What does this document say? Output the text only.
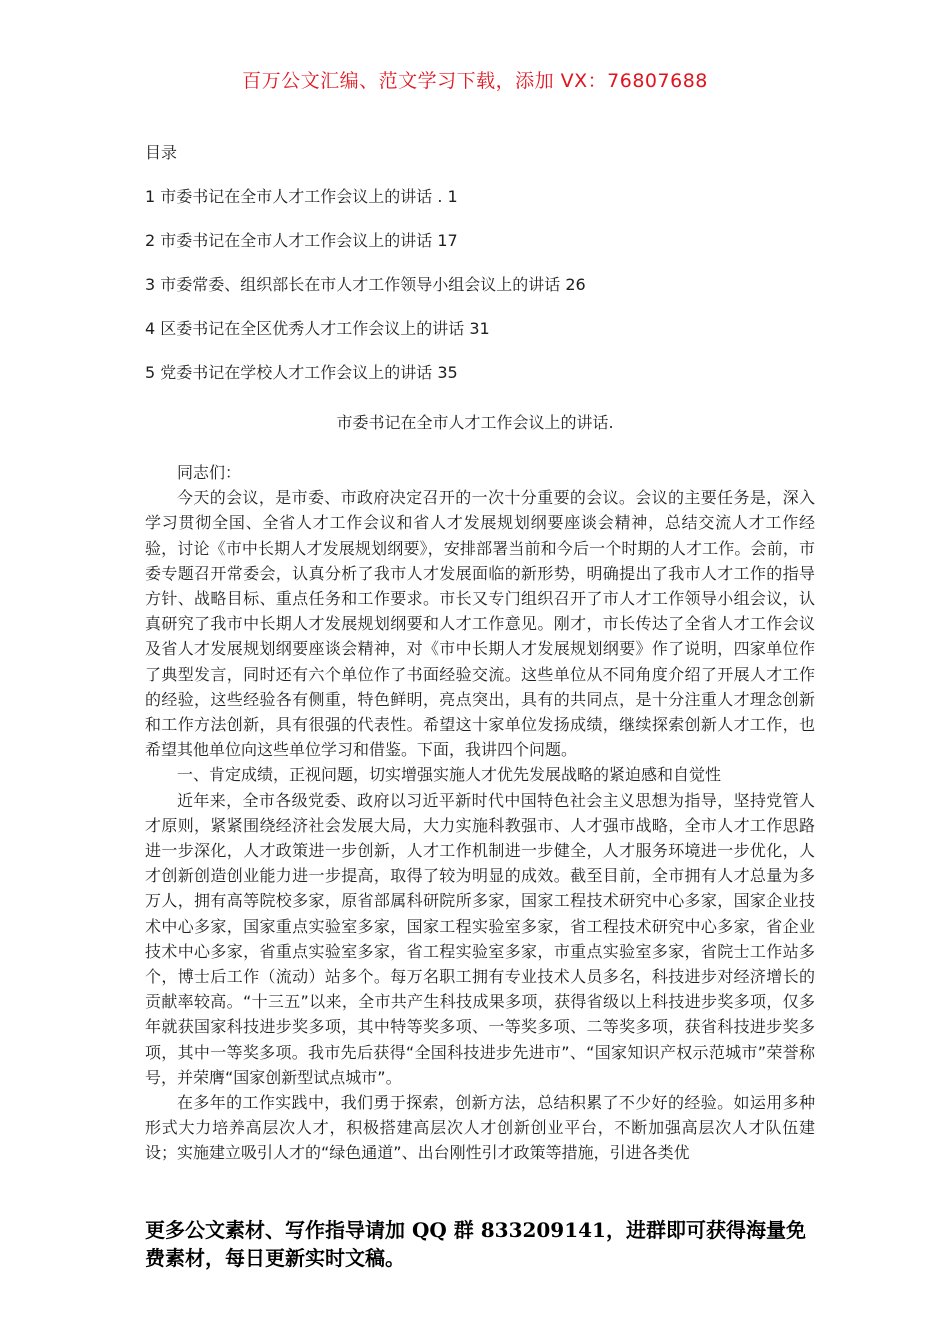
百万公文汇编、范文学习下载，添加 VX：76807688
目录
1 市委书记在全市人才工作会议上的讲话 . 1
2 市委书记在全市人才工作会议上的讲话 17
3 市委常委、组织部长在市人才工作领导小组会议上的讲话 26
4 区委书记在全区优秀人才工作会议上的讲话 31
5 党委书记在学校人才工作会议上的讲话 35
市委书记在全市人才工作会议上的讲话.

同志们：

今天的会议，是市委、市政府决定召开的一次十分重要的会议。会议的主要任务是，深入学习贯彻全国、全省人才工作会议和省人才发展规划纲要座谈会精神，总结交流人才工作经验，讨论《市中长期人才发展规划纲要》，安排部署当前和今后一个时期的人才工作。会前，市委专题召开常委会，认真分析了我市人才发展面临的新形势，明确提出了我市人才工作的指导方针、战略目标、重点任务和工作要求。市长又专门组织召开了市人才工作领导小组会议，认真研究了我市中长期人才发展规划纲要和人才工作意见。刚才，市长传达了全省人才工作会议及省人才发展规划纲要座谈会精神，对《市中长期人才发展规划纲要》作了说明，四家单位作了典型发言，同时还有六个单位作了书面经验交流。这些单位从不同角度介绍了开展人才工作的经验，这些经验各有侧重，特色鲜明，亮点突出，具有的共同点，是十分注重人才理念创新和工作方法创新，具有很强的代表性。希望这十家单位发扬成绩，继续探索创新人才工作，也希望其他单位向这些单位学习和借鉴。下面，我讲四个问题。

一、肯定成绩，正视问题，切实增强实施人才优先发展战略的紧迫感和自觉性

近年来，全市各级党委、政府以习近平新时代中国特色社会主义思想为指导，坚持党管人才原则，紧紧围绕经济社会发展大局，大力实施科教强市、人才强市战略，全市人才工作思路进一步深化，人才政策进一步创新，人才工作机制进一步健全，人才服务环境进一步优化，人才创新创造创业能力进一步提高，取得了较为明显的成效。截至目前，全市拥有人才总量为多万人，拥有高等院校多家，原省部属科研院所多家，国家工程技术研究中心多家，国家企业技术中心多家，国家重点实验室多家，国家工程实验室多家，省工程技术研究中心多家，省企业技术中心多家，省重点实验室多家，省工程实验室多家，市重点实验室多家，省院士工作站多个，博士后工作（流动）站多个。每万名职工拥有专业技术人员多名，科技进步对经济增长的贡献率较高。“十三五”以来，全市共产生科技成果多项，获得省级以上科技进步奖多项，仅多年就获国家科技进步奖多项，其中特等奖多项、一等奖多项、二等奖多项，获省科技进步奖多项，其中一等奖多项。我市先后获得“全国科技进步先进市”、“国家知识产权示范城市”荣誉称号，并荣膺“国家创新型试点城市”。

在多年的工作实践中，我们勇于探索，创新方法，总结积累了不少好的经验。如运用多种形式大力培养高层次人才，积极搭建高层次人才创新创业平台，不断加强高层次人才队伍建设；实施建立吸引人才的“绿色通道”、出台刚性引才政策等措施，引进各类优

更多公文素材、写作指导请加 QQ 群 833209141，进群即可获得海量免费素材，每日更新实时文稿。
